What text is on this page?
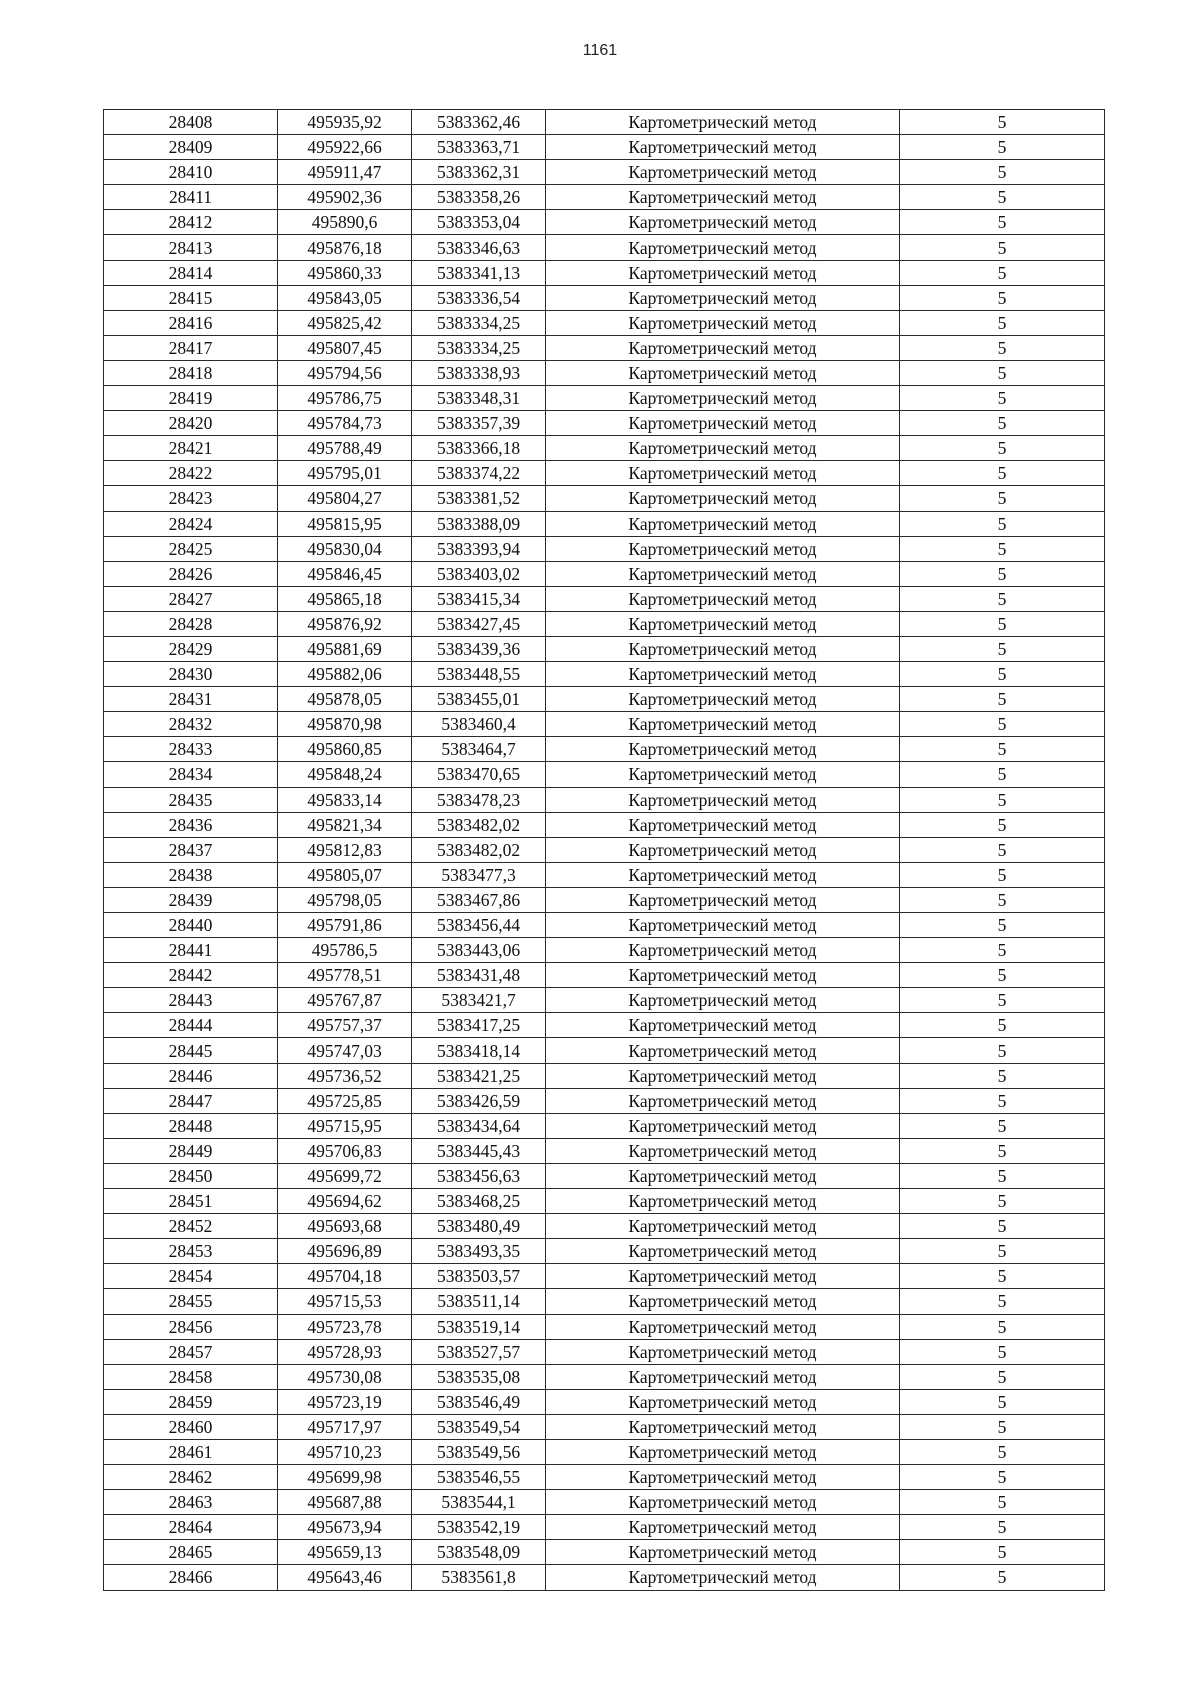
1161
28408	495935,92	5383362,46	Картометрический метод	5
28409	495922,66	5383363,71	Картометрический метод	5
28410	495911,47	5383362,31	Картометрический метод	5
28411	495902,36	5383358,26	Картометрический метод	5
28412	495890,6	5383353,04	Картометрический метод	5
28413	495876,18	5383346,63	Картометрический метод	5
28414	495860,33	5383341,13	Картометрический метод	5
28415	495843,05	5383336,54	Картометрический метод	5
28416	495825,42	5383334,25	Картометрический метод	5
28417	495807,45	5383334,25	Картометрический метод	5
28418	495794,56	5383338,93	Картометрический метод	5
28419	495786,75	5383348,31	Картометрический метод	5
28420	495784,73	5383357,39	Картометрический метод	5
28421	495788,49	5383366,18	Картометрический метод	5
28422	495795,01	5383374,22	Картометрический метод	5
28423	495804,27	5383381,52	Картометрический метод	5
28424	495815,95	5383388,09	Картометрический метод	5
28425	495830,04	5383393,94	Картометрический метод	5
28426	495846,45	5383403,02	Картометрический метод	5
28427	495865,18	5383415,34	Картометрический метод	5
28428	495876,92	5383427,45	Картометрический метод	5
28429	495881,69	5383439,36	Картометрический метод	5
28430	495882,06	5383448,55	Картометрический метод	5
28431	495878,05	5383455,01	Картометрический метод	5
28432	495870,98	5383460,4	Картометрический метод	5
28433	495860,85	5383464,7	Картометрический метод	5
28434	495848,24	5383470,65	Картометрический метод	5
28435	495833,14	5383478,23	Картометрический метод	5
28436	495821,34	5383482,02	Картометрический метод	5
28437	495812,83	5383482,02	Картометрический метод	5
28438	495805,07	5383477,3	Картометрический метод	5
28439	495798,05	5383467,86	Картометрический метод	5
28440	495791,86	5383456,44	Картометрический метод	5
28441	495786,5	5383443,06	Картометрический метод	5
28442	495778,51	5383431,48	Картометрический метод	5
28443	495767,87	5383421,7	Картометрический метод	5
28444	495757,37	5383417,25	Картометрический метод	5
28445	495747,03	5383418,14	Картометрический метод	5
28446	495736,52	5383421,25	Картометрический метод	5
28447	495725,85	5383426,59	Картометрический метод	5
28448	495715,95	5383434,64	Картометрический метод	5
28449	495706,83	5383445,43	Картометрический метод	5
28450	495699,72	5383456,63	Картометрический метод	5
28451	495694,62	5383468,25	Картометрический метод	5
28452	495693,68	5383480,49	Картометрический метод	5
28453	495696,89	5383493,35	Картометрический метод	5
28454	495704,18	5383503,57	Картометрический метод	5
28455	495715,53	5383511,14	Картометрический метод	5
28456	495723,78	5383519,14	Картометрический метод	5
28457	495728,93	5383527,57	Картометрический метод	5
28458	495730,08	5383535,08	Картометрический метод	5
28459	495723,19	5383546,49	Картометрический метод	5
28460	495717,97	5383549,54	Картометрический метод	5
28461	495710,23	5383549,56	Картометрический метод	5
28462	495699,98	5383546,55	Картометрический метод	5
28463	495687,88	5383544,1	Картометрический метод	5
28464	495673,94	5383542,19	Картометрический метод	5
28465	495659,13	5383548,09	Картометрический метод	5
28466	495643,46	5383561,8	Картометрический метод	5
